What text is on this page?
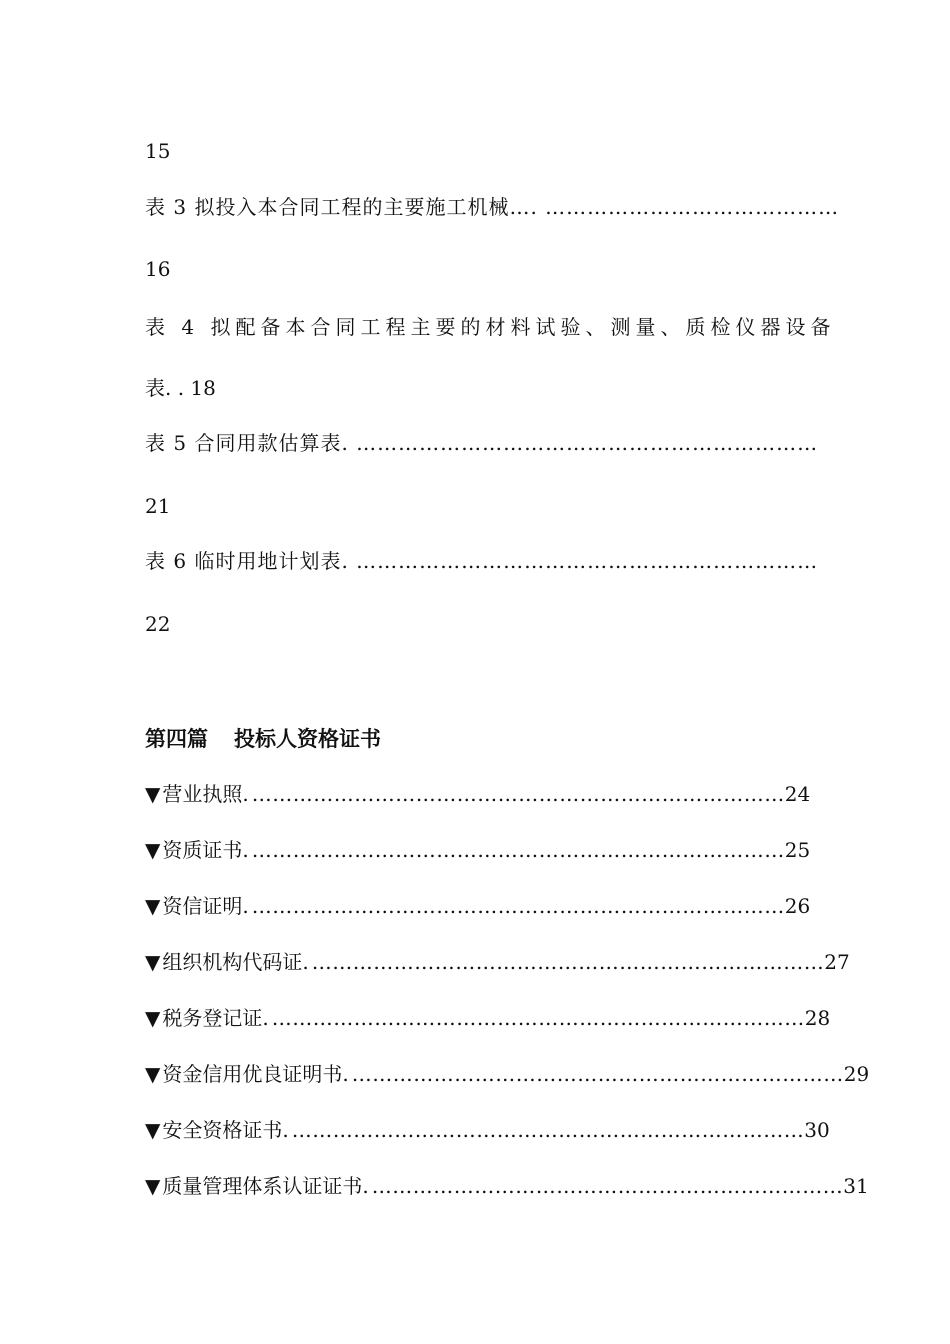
15
表 3 拟投入本合同工程的主要施工机械…. ……………………………………
16
表 4 拟配备本合同工程主要的材料试验、测量、质检仪器设备
表. . 18
表 5 合同用款估算表. …………………………………………………………
21
表 6 临时用地计划表. …………………………………………………………
22
第四篇 投标人资格证书
▼ 营业执照. …………………………………………………………………… 24
▼ 资质证书. …………………………………………………………………… 25
▼ 资信证明. …………………………………………………………………… 26
▼ 组织机构代码证. ………………………………………………………………… 27
▼ 税务登记证. …………………………………………………………………… 28
▼ 资金信用优良证明书. ……………………………………………………………… 29
▼ 安全资格证书. ………………………………………………………………… 30
▼ 质量管理体系认证证书. …………………………………………………………… 31
